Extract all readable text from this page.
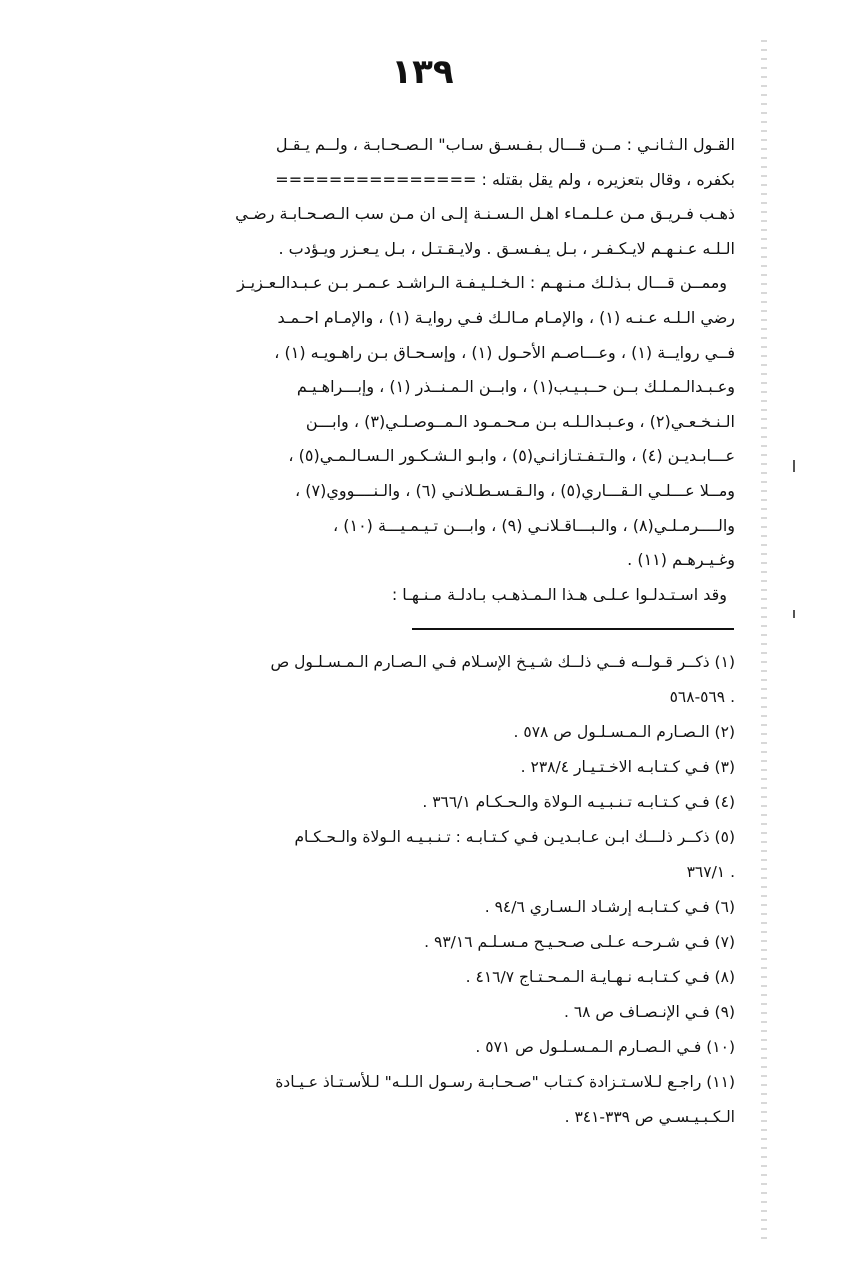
١٣٩
القـول الـثـانـي : مــن قـــال بـفـسـق سـاب" الـصـحـابـة ، ولــم يـقـل
بكفره ، وقال بتعزيره ، ولم يقل بقتله : ===============
ذهـب فـريـق مـن عـلـمـاء اهـل الـسـنـة إلـى ان مـن سب الـصـحـابـة رضـي
الـلـه عـنـهـم لايـكـفـر ، بـل يـفـسـق . ولايـقـتـل ، بـل يـعـزر ويـؤدب .
وممــن قـــال بـذلـك مـنـهـم : الـخـلـيـفـة الـراشـد عـمـر بـن عـبـدالـعـزيـز
رضي الـلـه عـنـه (١) ، والإمـام مـالـك فـي روايـة (١) ، والإمـام احـمـد
فــي روايــة (١) ، وعـــاصـم الأحـول (١) ، وإسـحـاق بـن راهـويـه (١) ،
وعـبـدالـمـلـك بــن حــبـيـب(١) ، وابــن الـمـنــذر (١) ، وإبـــراهـيـم
الـنـخـعـي(٢) ، وعـبـدالـلـه بـن مـحـمـود الـمــوصـلـي(٣) ، وابـــن
عـــابـديـن (٤) ، والـتـفـتـازانـي(٥) ، وابـو الـشـكـور الـسـالـمـي(٥) ،
ومــلا عـــلـي الـقـــاري(٥) ، والـقـسـطـلانـي (٦) ، والـنــــووي(٧) ،
والــــرمـلـي(٨) ، والـبـــاقـلانـي (٩) ، وابـــن تـيـمـيـــة (١٠) ،
وغـيـرهـم (١١) .
وقد اسـتـدلـوا عـلـى هـذا الـمـذهـب بـادلـة مـنـهـا :
(١) ذكــر قـولــه فــي ذلــك شـيـخ الإسـلام فـي الـصـارم الـمـسـلـول ص
. ٥٦٩-٥٦٨
(٢) الـصـارم الـمـسـلـول ص ٥٧٨ .
(٣) فـي كـتـابـه الاخـتـيـار ٢٣٨/٤ .
(٤) فـي كـتـابـه تـنـبـيـه الـولاة والـحـكـام ٣٦٦/١ .
(٥) ذكــر ذلـــك ابـن عـابـديـن فـي كـتـابـه : تـنـبـيـه الـولاة والـحـكـام
. ٣٦٧/١
(٦) فـي كـتـابـه إرشـاد الـسـاري ٩٤/٦ .
(٧) فـي شـرحـه عـلـى صـحـيـح مـسـلـم ٩٣/١٦ .
(٨) فـي كـتـابـه نـهـايـة الـمـحـتـاج ٤١٦/٧ .
(٩) فـي الإنـصـاف ص ٦٨ .
(١٠) فـي الـصـارم الـمـسـلـول ص ٥٧١ .
(١١) راجـع لـلاسـتـزادة كـتـاب "صـحـابـة رسـول الـلـه" لـلأسـتـاذ عـيـادة
الـكـبـيـسـي ص ٣٣٩-٣٤١ .
